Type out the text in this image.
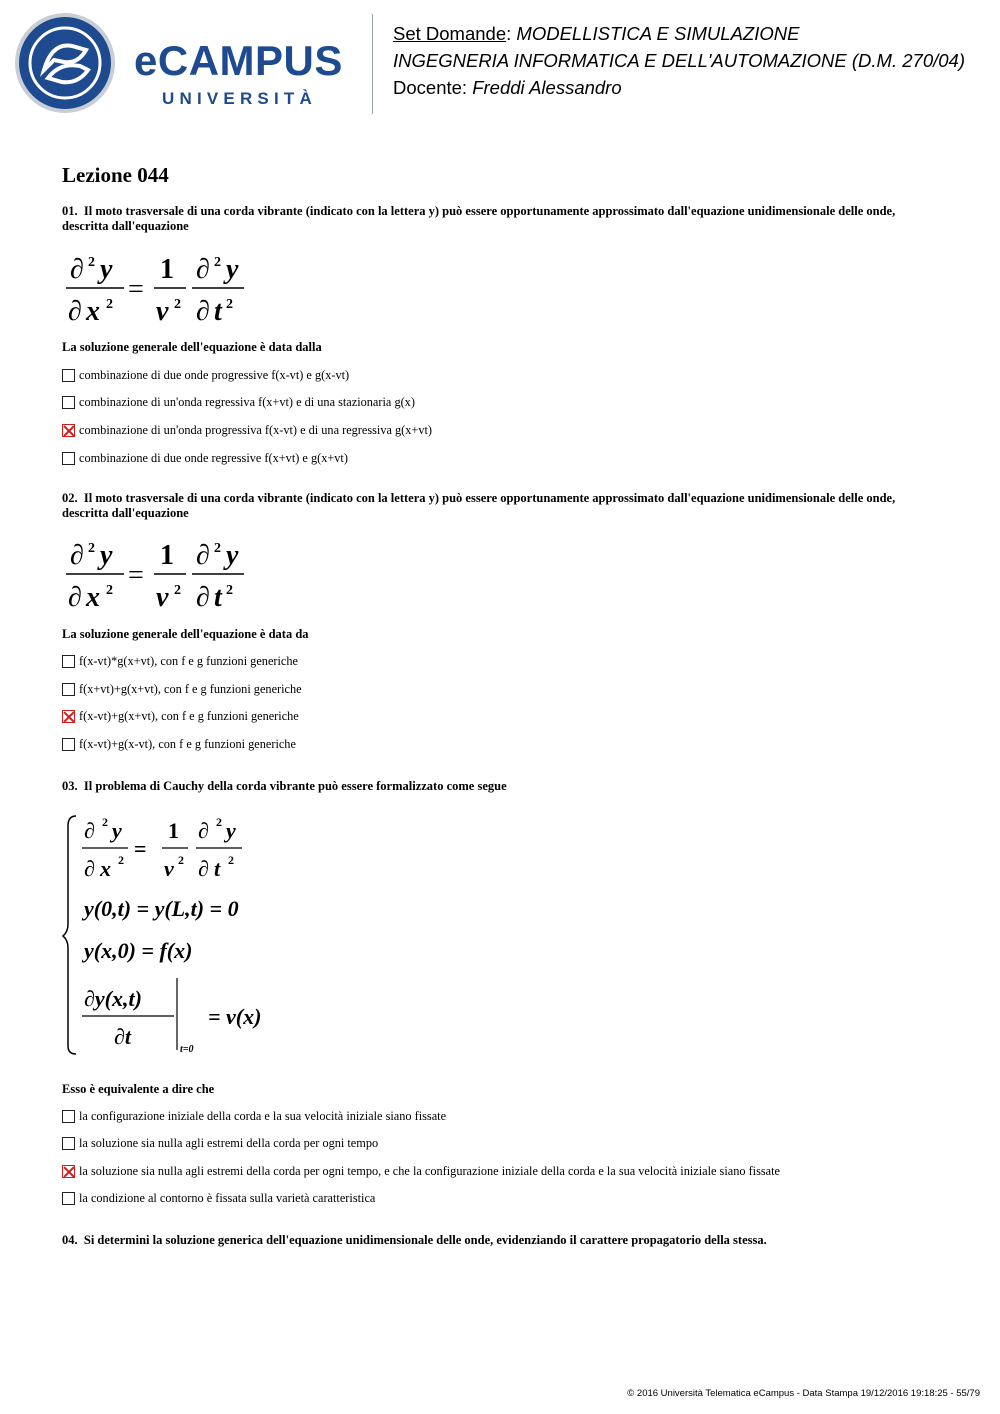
eCAMPUS
UNIVERSITÀ
Set Domande: MODELLISTICA E SIMULAZIONE
INGEGNERIA INFORMATICA E DELL'AUTOMAZIONE (D.M. 270/04)
Docente: Freddi Alessandro
Lezione 044
01. Il moto trasversale di una corda vibrante (indicato con la lettera y) può essere opportunamente approssimato dall'equazione unidimensionale delle onde, descritta dall'equazione
∂ 2 y
∂ x 2 =
1
v 2
∂ 2 y
∂ t 2
La soluzione generale dell'equazione è data dalla
combinazione di due onde progressive f(x-vt) e g(x-vt)
combinazione di un'onda regressiva f(x+vt) e di una stazionaria g(x)
combinazione di un'onda progressiva f(x-vt) e di una regressiva g(x+vt)
combinazione di due onde regressive f(x+vt) e g(x+vt)
02. Il moto trasversale di una corda vibrante (indicato con la lettera y) può essere opportunamente approssimato dall'equazione unidimensionale delle onde, descritta dall'equazione
∂ 2 y
∂ x 2 =
1
v 2
∂ 2 y
∂ t 2
La soluzione generale dell'equazione è data da
f(x-vt)*g(x+vt), con f e g funzioni generiche
f(x+vt)+g(x+vt), con f e g funzioni generiche
f(x-vt)+g(x+vt), con f e g funzioni generiche
f(x-vt)+g(x-vt), con f e g funzioni generiche
03. Il problema di Cauchy della corda vibrante può essere formalizzato come segue
∂ 2 y
∂ x 2 =
1
v 2
∂ 2 y
∂ t 2
y(0,t) = y(L,t) = 0
y(x,0) = f(x)
∂y(x,t)
∂t
t=0
= v(x)
Esso è equivalente a dire che
la configurazione iniziale della corda e la sua velocità iniziale siano fissate
la soluzione sia nulla agli estremi della corda per ogni tempo
la soluzione sia nulla agli estremi della corda per ogni tempo, e che la configurazione iniziale della corda e la sua velocità iniziale siano fissate
la condizione al contorno è fissata sulla varietà caratteristica
04. Si determini la soluzione generica dell'equazione unidimensionale delle onde, evidenziando il carattere propagatorio della stessa.
© 2016 Università Telematica eCampus - Data Stampa 19/12/2016 19:18:25 - 55/79
